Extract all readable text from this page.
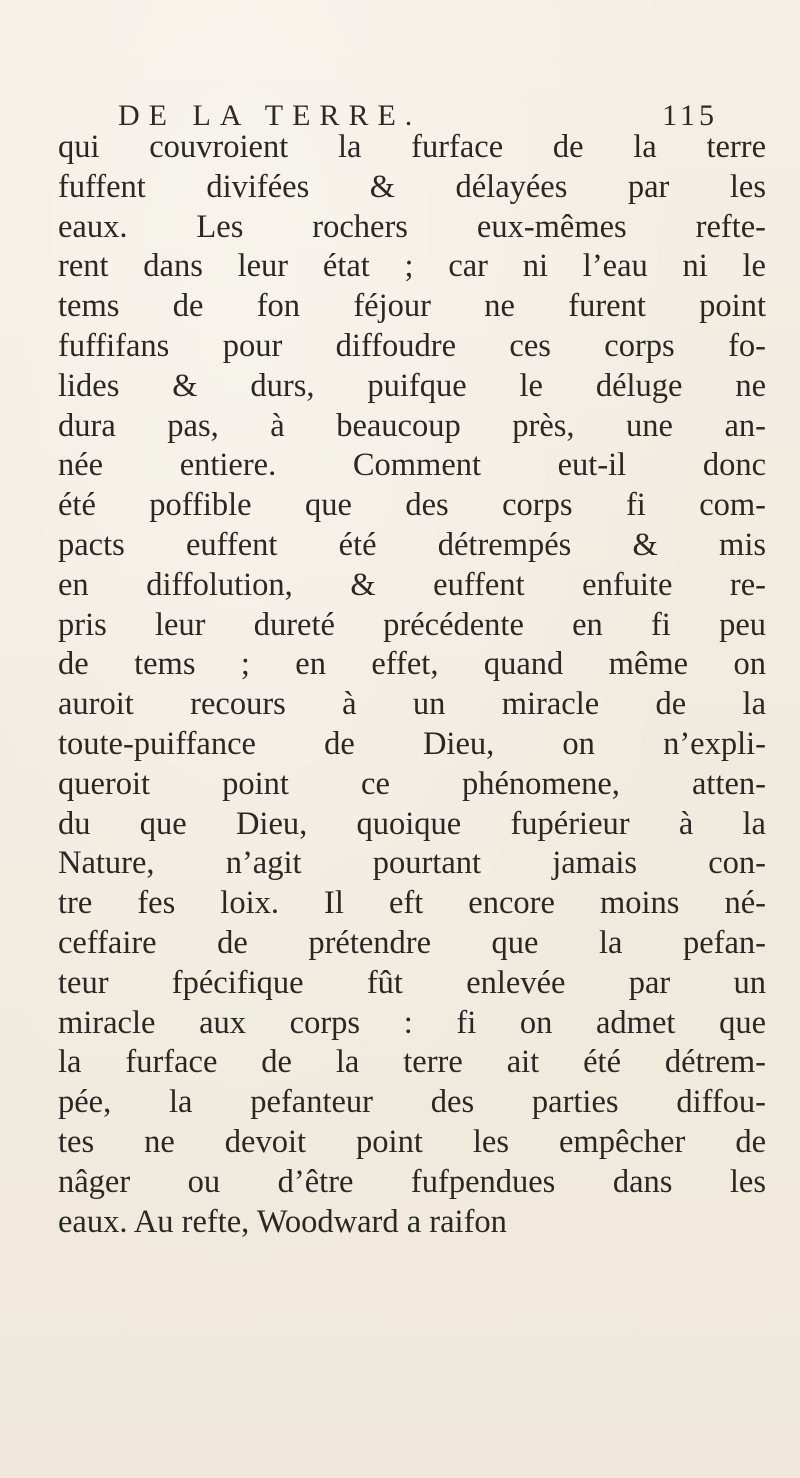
DE LA TERRE.	115
qui couvroient la furface de la terre
fuffent divifées & délayées par les
eaux. Les rochers eux-mêmes refte-
rent dans leur état ; car ni l’eau ni le
tems de fon féjour ne furent point
fuffifans pour diffoudre ces corps fo-
lides & durs, puifque le déluge ne
dura pas, à beaucoup près, une an-
née entiere. Comment eut-il donc
été poffible que des corps fi com-
pacts euffent été détrempés & mis
en diffolution, & euffent enfuite re-
pris leur dureté précédente en fi peu
de tems ; en effet, quand même on
auroit recours à un miracle de la
toute-puiffance de Dieu, on n’expli-
queroit point ce phénomene, atten-
du que Dieu, quoique fupérieur à la
Nature, n’agit pourtant jamais con-
tre fes loix. Il eft encore moins né-
ceffaire de prétendre que la pefan-
teur fpécifique fût enlevée par un
miracle aux corps : fi on admet que
la furface de la terre ait été détrem-
pée, la pefanteur des parties diffou-
tes ne devoit point les empêcher de
nâger ou d’être fufpendues dans les
eaux. Au refte, Woodward a raifon
